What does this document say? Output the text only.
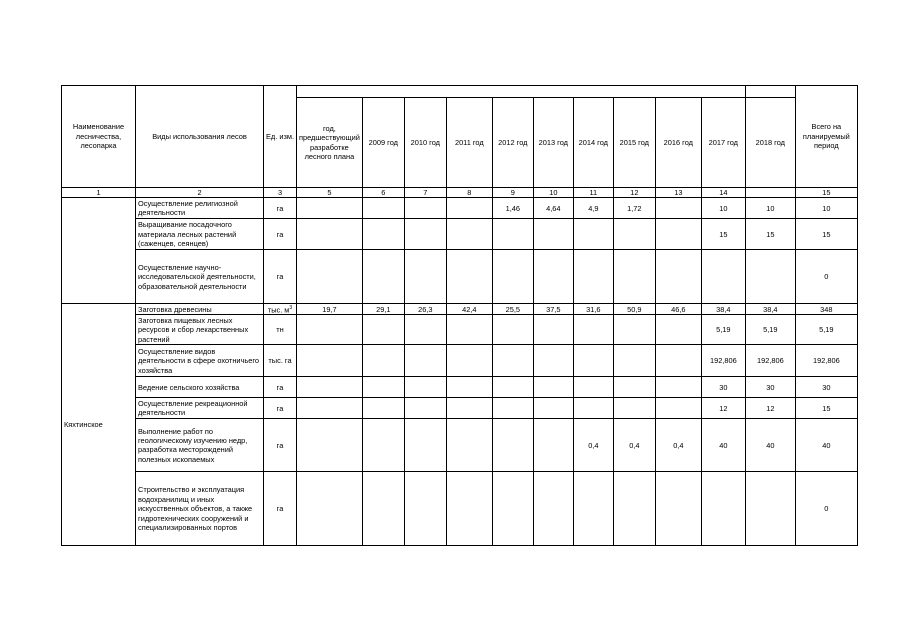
Наименование лесничества, лесопарка	Виды использования лесов	Ед. изм.												Всего на планируемый период
			год, предшествующий разработке лесного плана	2009 год	2010 год	2011 год	2012 год	2013 год	2014 год	2015 год	2016 год	2017 год	2018 год	
1	2	3	5	6	7	8	9	10	11	12	13	14		15
	Осуществление религиозной деятельности	га					1,46	4,64	4,9	1,72		10	10	10
	Выращивание посадочного материала лесных растений (саженцев, сеянцев)	га										15	15	15
	Осуществление научно-исследовательской деятельности, образовательной деятельности	га												0
Кяхтинское	Заготовка древесины	тыс. $м^3$	19,7	29,1	26,3	42,4	25,5	37,5	31,6	50,9	46,6	38,4	38,4	348
	Заготовка пищевых лесных ресурсов и сбор лекарственных растений	тн										5,19	5,19	5,19
	Осуществление видов деятельности в сфере охотничьего хозяйства	тыс. га										192,806	192,806	192,806
	Ведение сельского хозяйства	га										30	30	30
	Осуществление рекреационной деятельности	га										12	12	15
	Выполнение работ по геологическому изучению недр, разработка месторождений полезных ископаемых	га							0,4	0,4	0,4	40	40	40
	Строительство и эксплуатация водохранилищ и иных искусственных объектов, а также гидротехнических сооружений и специализированных портов	га												0
